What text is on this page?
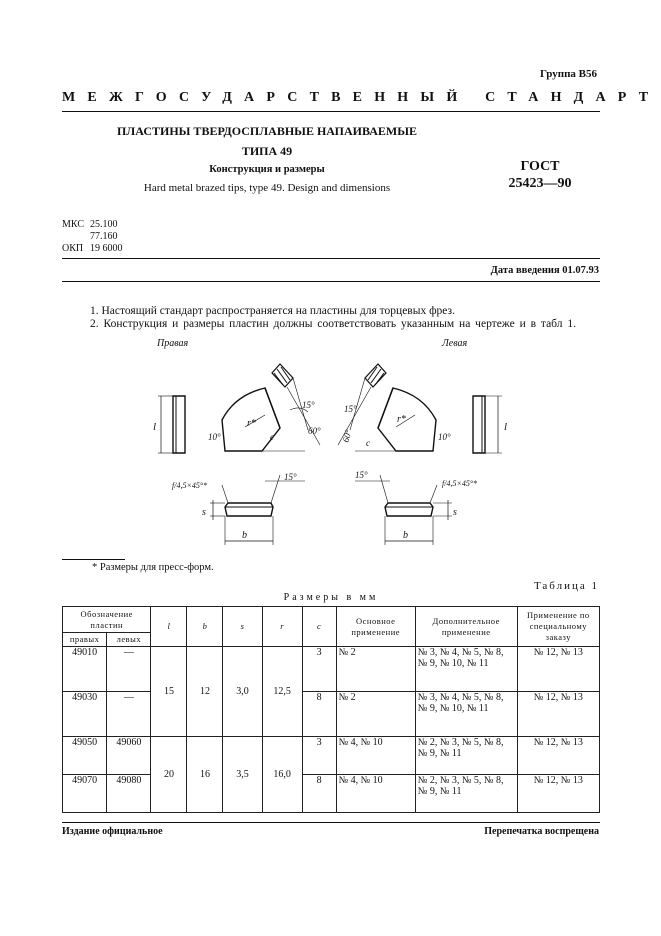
Группа В56
МЕЖГОСУДАРСТВЕННЫЙ СТАНДАРТ
ПЛАСТИНЫ ТВЕРДОСПЛАВНЫЕ НАПАИВАЕМЫЕ
ТИПА 49
Конструкция и размеры
Hard metal brazed tips, type 49. Design and dimensions
ГОСТ
25423—90
МКС 25.100
77.160
ОКП 19 6000
Дата введения 01.07.93
1. Настоящий стандарт распространяется на пластины для торцевых фрез.
2. Конструкция и размеры пластин должны соответствовать указанным на чертеже и в табл 1.
Правая	Левая
l	r*
15°
60°
c
10°
s
b
f/4,5×45°*
15°
r*
15°
60° c
10°
l
s
b
15°
f/4,5×45°*
* Размеры для пресс-форм.
Таблица 1
Размеры в мм
Обозначение пластин		l	b	s	r	c	Основное применение	Дополнительное применение	Применение по специальному заказу
правых	левых								
49010	—	15	12	3,0	12,5	3	№ 2	№ 3, № 4, № 5, № 8, № 9, № 10, № 11	№ 12, № 13
49030	—					8	№ 2	№ 3, № 4, № 5, № 8, № 9, № 10, № 11	№ 12, № 13
49050	49060	20	16	3,5	16,0	3	№ 4, № 10	№ 2, № 3, № 5, № 8, № 9, № 11	№ 12, № 13
49070	49080					8	№ 4, № 10	№ 2, № 3, № 5, № 8, № 9, № 11	№ 12, № 13
Издание официальное	Перепечатка воспрещена
